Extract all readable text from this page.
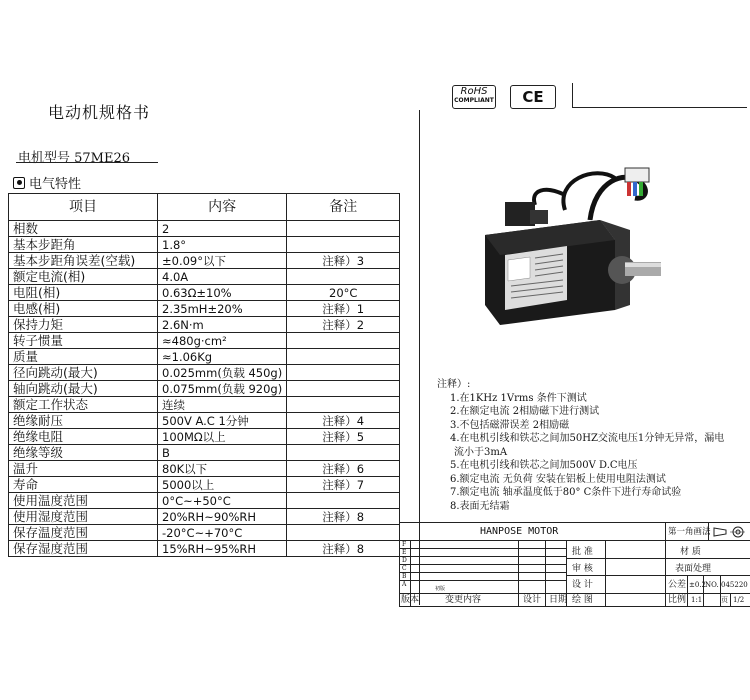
电动机规格书
电机型号 57ME26
电气特性
项目	内容	备注
相数	2	
基本步距角	1.8°	
基本步距角误差(空载)	±0.09°以下	注释）3
额定电流(相)	4.0A	
电阻(相)	0.63Ω±10%	20°C
电感(相)	2.35mH±20%	注释）1
保持力矩	2.6N·m	注释）2
转子惯量	≈480g·cm²	
质量	≈1.06Kg	
径向跳动(最大)	0.025mm(负载 450g)	
轴向跳动(最大)	0.075mm(负载 920g)	
额定工作状态	连续	
绝缘耐压	500V A.C 1分钟	注释）4
绝缘电阻	100MΩ以上	注释）5
绝缘等级	B	
温升	80K以下	注释）6
寿命	5000以上	注释）7
使用温度范围	0°C~+50°C	
使用湿度范围	20%RH~90%RH	注释）8
保存温度范围	-20°C~+70°C	
保存湿度范围	15%RH~95%RH	注释）8
RoHS
COMPLIANT	CE
注释）:
1.在1KHz 1Vrms 条件下测试
2.在额定电流 2相励磁下进行测试
3.不包括磁滞误差 2相励磁
4.在电机引线和铁芯之间加50HZ交流电压1分钟无异常，漏电
流小于3mA
5.在电机引线和铁芯之间加500V D.C电压
6.额定电流 无负荷 安装在铝板上使用电阻法测试
7.额定电流 轴承温度低于80° C条件下进行寿命试验
8.表面无结霜
HANPOSE MOTOR	第一角画法
F
E
D
C
B
A
初版
版本	变更内容	设计 日期
批 准
审 核
设 计
绘 图
材 质
表面处理
公差 ±0.2 NO. 045220
比例 1:1	页 1/2
